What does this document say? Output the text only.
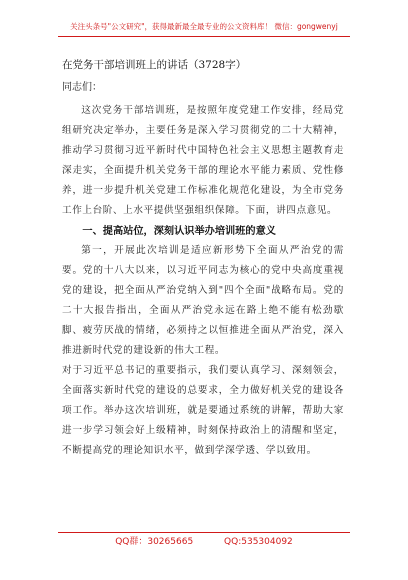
关注头条号"公文研究"，获得最新最全最专业的公文资料库！ 微信：gongwenyj

在党务干部培训班上的讲话（3728字）

同志们：

这次党务干部培训班，是按照年度党建工作安排，经局党组研究决定举办，主要任务是深入学习贯彻党的二十大精神，推动学习贯彻习近平新时代中国特色社会主义思想主题教育走深走实，全面提升机关党务干部的理论水平能力素质、党性修养，进一步提升机关党建工作标准化规范化建设，为全市党务工作上台阶、上水平提供坚强组织保障。下面，讲四点意见。

一、提高站位，深刻认识举办培训班的意义

第一，开展此次培训是适应新形势下全面从严治党的需要。党的十八大以来，以习近平同志为核心的党中央高度重视党的建设，把全面从严治党纳入到"四个全面"战略布局。党的二十大报告指出，全面从严治党永远在路上绝不能有松劲歇脚、疲劳厌战的情绪，必须持之以恒推进全面从严治党，深入推进新时代党的建设新的伟大工程。

对于习近平总书记的重要指示，我们要认真学习、深刻领会，全面落实新时代党的建设的总要求，全力做好机关党的建设各项工作。举办这次培训班，就是要通过系统的讲解，帮助大家进一步学习领会好上级精神，时刻保持政治上的清醒和坚定，不断提高党的理论知识水平，做到学深学透、学以致用。

QQ群：30265665	QQ:535304092
